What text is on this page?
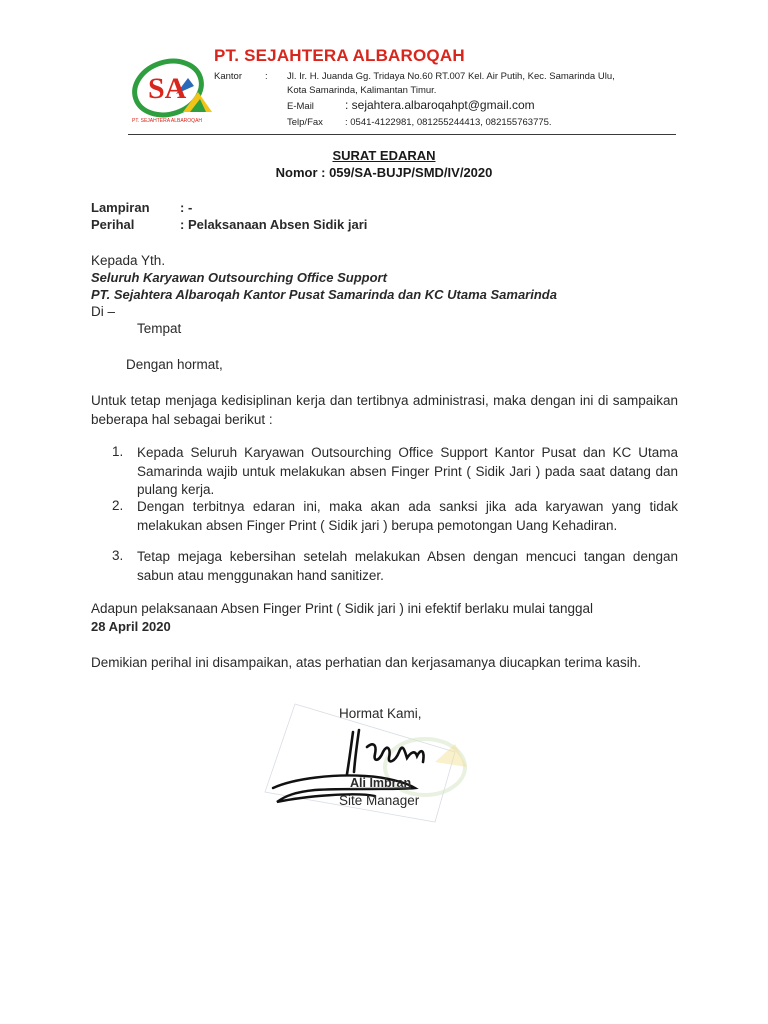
SA
PT. SEJAHTERA ALBAROQAH
PT. SEJAHTERA ALBAROQAH
Kantor : Jl. Ir. H. Juanda Gg. Tridaya No.60 RT.007 Kel. Air Putih, Kec. Samarinda Ulu,
Kota Samarinda, Kalimantan Timur.
E-Mail	: sejahtera.albaroqahpt@gmail.com
Telp/Fax : 0541-4122981, 081255244413, 082155763775.
SURAT EDARAN
Nomor : 059/SA-BUJP/SMD/IV/2020
Lampiran : -
Perihal	: Pelaksanaan Absen Sidik jari
Kepada Yth.
Seluruh Karyawan Outsourching Office Support
PT. Sejahtera Albaroqah Kantor Pusat Samarinda dan KC Utama Samarinda
Di –
Tempat
Dengan hormat,
Untuk tetap menjaga kedisiplinan kerja dan tertibnya administrasi, maka dengan ini di sampaikan beberapa hal sebagai berikut :
1. Kepada Seluruh Karyawan Outsourching Office Support Kantor Pusat dan KC Utama Samarinda wajib untuk melakukan absen Finger Print ( Sidik Jari ) pada saat datang dan pulang kerja.
2. Dengan terbitnya edaran ini, maka akan ada sanksi jika ada karyawan yang tidak melakukan absen Finger Print ( Sidik jari ) berupa pemotongan Uang Kehadiran.
3. Tetap mejaga kebersihan setelah melakukan Absen dengan mencuci tangan dengan sabun atau menggunakan hand sanitizer.
Adapun pelaksanaan Absen Finger Print ( Sidik jari ) ini efektif berlaku mulai tanggal
28 April 2020
Demikian perihal ini disampaikan, atas perhatian dan kerjasamanya diucapkan terima kasih.
Hormat Kami,
Ali Imbran
Site Manager
